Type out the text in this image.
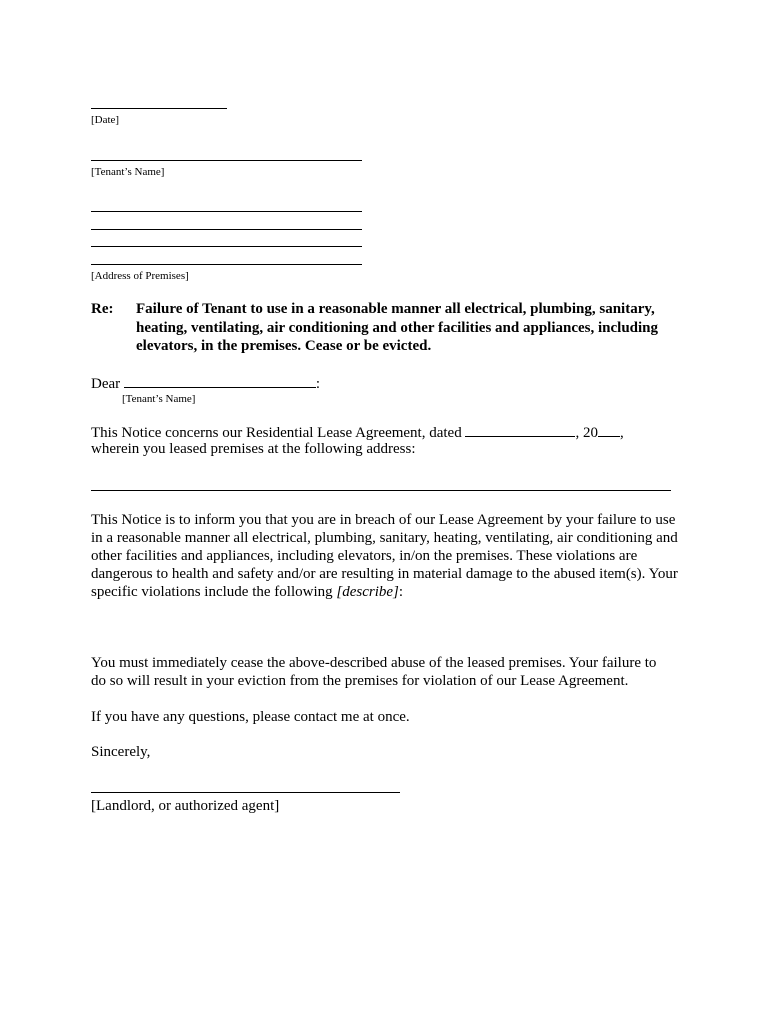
[Date]
[Tenant’s Name]
[Address of Premises]
Re: Failure of Tenant to use in a reasonable manner all electrical, plumbing, sanitary, heating, ventilating, air conditioning and other facilities and appliances, including elevators, in the premises. Cease or be evicted.
Dear	:
[Tenant’s Name]
This Notice concerns our Residential Lease Agreement, dated	, 20 ,
wherein you leased premises at the following address:
This Notice is to inform you that you are in breach of our Lease Agreement by your failure to use
in a reasonable manner all electrical, plumbing, sanitary, heating, ventilating, air conditioning and
other facilities and appliances, including elevators, in/on the premises. These violations are
dangerous to health and safety and/or are resulting in material damage to the abused item(s). Your
specific violations include the following [describe]:
You must immediately cease the above-described abuse of the leased premises. Your failure to
do so will result in your eviction from the premises for violation of our Lease Agreement.
If you have any questions, please contact me at once.
Sincerely,
[Landlord, or authorized agent]
